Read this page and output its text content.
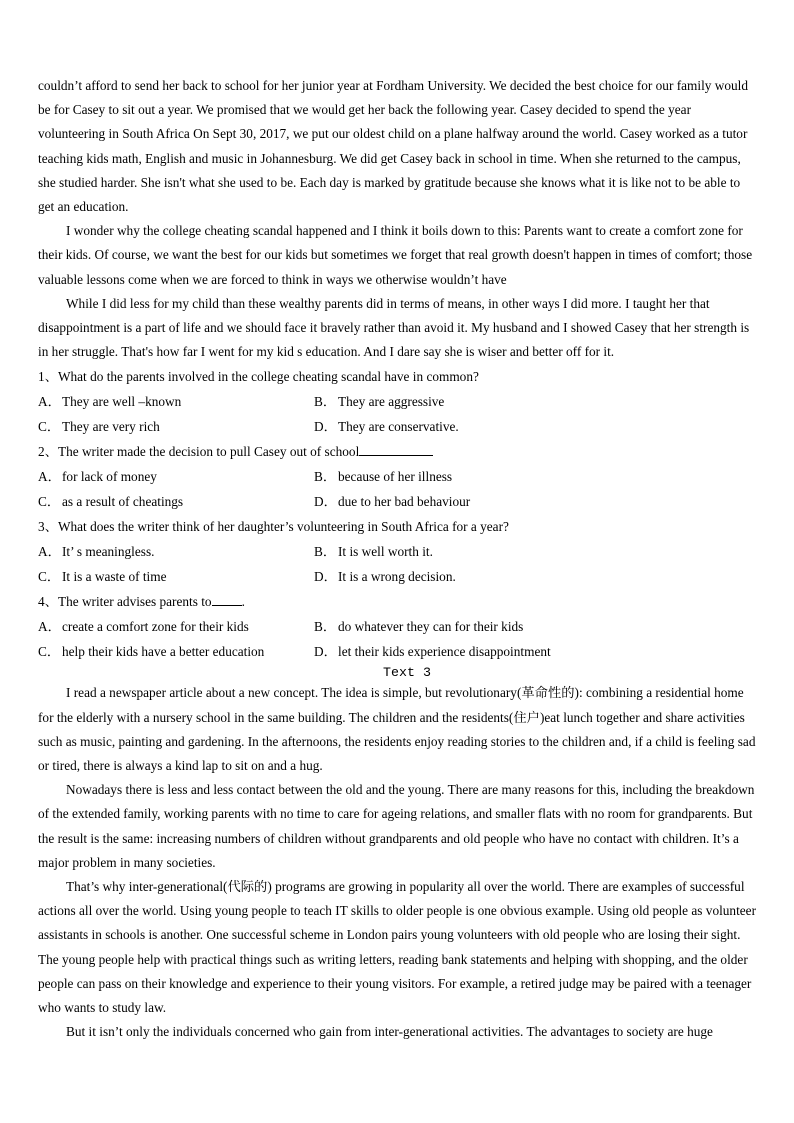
couldn’t afford to send her back to school for her junior year at Fordham University. We decided the best choice for our family would be for Casey to sit out a year. We promised that we would get her back the following year. Casey decided to spend the year volunteering in South Africa On Sept 30, 2017, we put our oldest child on a plane halfway around the world. Casey worked as a tutor teaching kids math, English and music in Johannesburg. We did get Casey back in school in time. When she returned to the campus, she studied harder. She isn't what she used to be. Each day is marked by gratitude because she knows what it is like not to be able to get an education.

I wonder why the college cheating scandal happened and I think it boils down to this: Parents want to create a comfort zone for their kids. Of course, we want the best for our kids but sometimes we forget that real growth doesn't happen in times of comfort; those valuable lessons come when we are forced to think in ways we otherwise wouldn’t have

While I did less for my child than these wealthy parents did in terms of means, in other ways I did more. I taught her that disappointment is a part of life and we should face it bravely rather than avoid it. My husband and I showed Casey that her strength is in her struggle. That's how far I went for my kid s education. And I dare say she is wiser and better off for it.

1、What do the parents involved in the college cheating scandal have in common?

A． They are well –known	B． They are aggressive
C． They are very rich	D． They are conservative.

2、The writer made the decision to pull Casey out of school

A． for lack of money	B． because of her illness
C． as a result of cheatings	D． due to her bad behaviour

3、What does the writer think of her daughter’s volunteering in South Africa for a year?

A． It’ s meaningless.	B． It is well worth it.
C． It is a waste of time	D． It is a wrong decision.

4、The writer advises parents to .

A． create a comfort zone for their kids	B． do whatever they can for their kids
C． help their kids have a better education	D． let their kids experience disappointment

Text 3

I read a newspaper article about a new concept. The idea is simple, but revolutionary(革命性的): combining a residential home for the elderly with a nursery school in the same building. The children and the residents(住户)eat lunch together and share activities such as music, painting and gardening. In the afternoons, the residents enjoy reading stories to the children and, if a child is feeling sad or tired, there is always a kind lap to sit on and a hug.

Nowadays there is less and less contact between the old and the young. There are many reasons for this, including the breakdown of the extended family, working parents with no time to care for ageing relations, and smaller flats with no room for grandparents. But the result is the same: increasing numbers of children without grandparents and old people who have no contact with children. It’s a major problem in many societies.

That’s why inter-generational(代际的) programs are growing in popularity all over the world. There are examples of successful actions all over the world. Using young people to teach IT skills to older people is one obvious example. Using old people as volunteer assistants in schools is another. One successful scheme in London pairs young volunteers with old people who are losing their sight. The young people help with practical things such as writing letters, reading bank statements and helping with shopping, and the older people can pass on their knowledge and experience to their young visitors. For example, a retired judge may be paired with a teenager who wants to study law.

But it isn’t only the individuals concerned who gain from inter-generational activities. The advantages to society are huge
